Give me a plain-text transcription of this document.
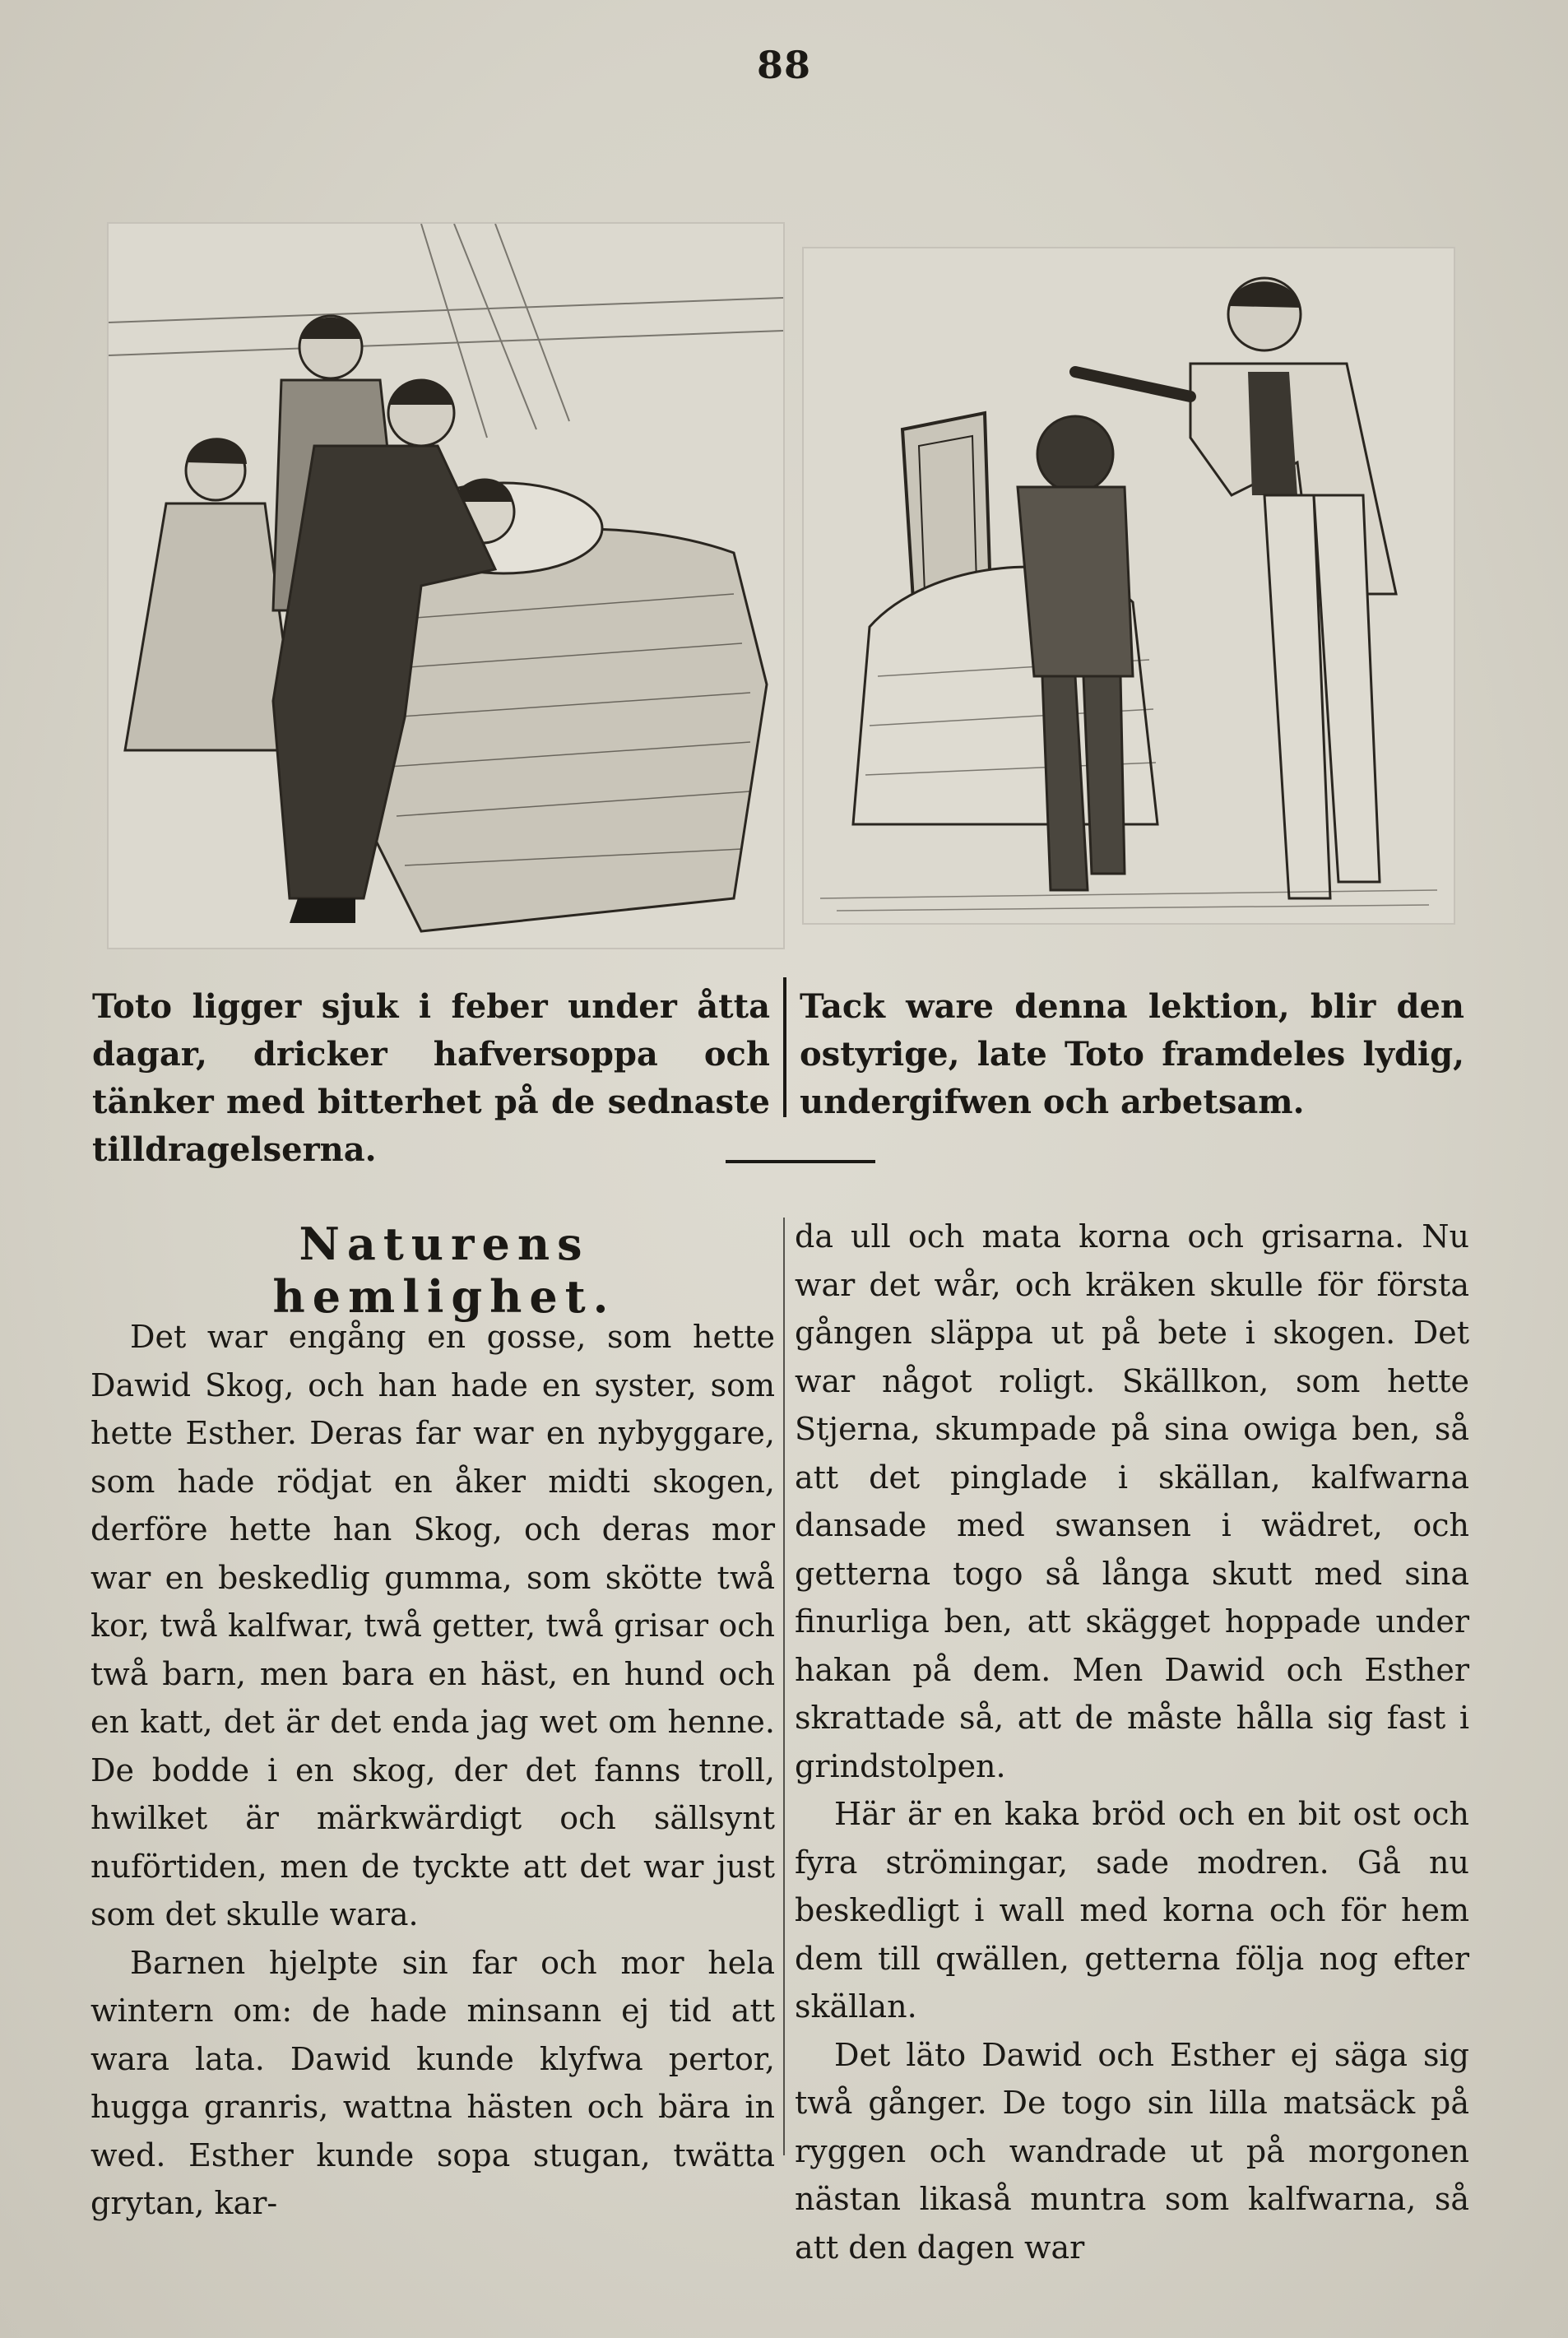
88
Toto ligger sjuk i feber under åtta dagar, dricker hafversoppa och tänker med bitterhet på de sednaste tilldragelserna.
Tack ware denna lektion, blir den ostyrige, late Toto framdeles lydig, undergifwen och arbetsam.
Naturens hemlighet.

Det war engång en gosse, som hette Dawid Skog, och han hade en syster, som hette Esther. Deras far war en nybyggare, som hade rödjat en åker midti skogen, derföre hette han Skog, och deras mor war en beskedlig gumma, som skötte twå kor, twå kalfwar, twå getter, twå grisar och twå barn, men bara en häst, en hund och en katt, det är det enda jag wet om henne. De bodde i en skog, der det fanns troll, hwilket är märkwärdigt och sällsynt nuförtiden, men de tyckte att det war just som det skulle wara.

Barnen hjelpte sin far och mor hela wintern om: de hade minsann ej tid att wara lata. Dawid kunde klyfwa pertor, hugga granris, wattna hästen och bära in wed. Esther kunde sopa stugan, twätta grytan, kar-

da ull och mata korna och grisarna. Nu war det wår, och kräken skulle för första gången släppa ut på bete i skogen. Det war något roligt. Skällkon, som hette Stjerna, skumpade på sina owiga ben, så att det pinglade i skällan, kalfwarna dansade med swansen i wädret, och getterna togo så långa skutt med sina finurliga ben, att skägget hoppade under hakan på dem. Men Dawid och Esther skrattade så, att de måste hålla sig fast i grindstolpen.

Här är en kaka bröd och en bit ost och fyra strömingar, sade modren. Gå nu beskedligt i wall med korna och för hem dem till qwällen, getterna följa nog efter skällan.

Det läto Dawid och Esther ej säga sig twå gånger. De togo sin lilla matsäck på ryggen och wandrade ut på morgonen nästan likaså muntra som kalfwarna, så att den dagen war
